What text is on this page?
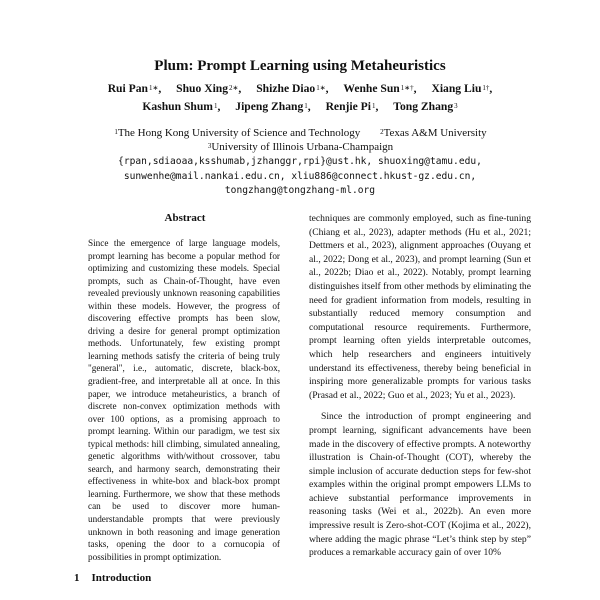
Plum: Prompt Learning using Metaheuristics
Rui Pan$^{1∗}$, Shuo Xing$^{2∗}$, Shizhe Diao$^{1∗}$, Wenhe Sun$^{1∗\dagger}$, Xiang Liu$^{1\dagger}$,
Kashun Shum$^1$, Jipeng Zhang$^1$, Renjie Pi$^1$, Tong Zhang$^3$
$^1$The Hong Kong University of Science and Technology	$^2$Texas A&M University
$^3$University of Illinois Urbana-Champaign
{rpan,sdiaoaa,ksshumab,jzhanggr,rpi}@ust.hk, shuoxing@tamu.edu,
sunwenhe@mail.nankai.edu.cn, xliu886@connect.hkust-gz.edu.cn,
tongzhang@tongzhang-ml.org
Abstract
Since the emergence of large language models, prompt learning has become a popular method for optimizing and customizing these models. Special prompts, such as Chain-of-Thought, have even revealed previously unknown reasoning capabilities within these models. However, the progress of discovering effective prompts has been slow, driving a desire for general prompt optimization methods. Unfortunately, few existing prompt learning methods satisfy the criteria of being truly "general", i.e., automatic, discrete, black-box, gradient-free, and interpretable all at once. In this paper, we introduce metaheuristics, a branch of discrete non-convex optimization methods with over 100 options, as a promising approach to prompt learning. Within our paradigm, we test six typical methods: hill climbing, simulated annealing, genetic algorithms with/without crossover, tabu search, and harmony search, demonstrating their effectiveness in white-box and black-box prompt learning. Furthermore, we show that these methods can be used to discover more human-understandable prompts that were previously unknown in both reasoning and image generation tasks, opening the door to a cornucopia of possibilities in prompt optimization.
1 Introduction

techniques are commonly employed, such as fine-tuning (Chiang et al., 2023), adapter methods (Hu et al., 2021; Dettmers et al., 2023), alignment approaches (Ouyang et al., 2022; Dong et al., 2023), and prompt learning (Sun et al., 2022b; Diao et al., 2022). Notably, prompt learning distinguishes itself from other methods by eliminating the need for gradient information from models, resulting in substantially reduced memory consumption and computational resource requirements. Furthermore, prompt learning often yields interpretable outcomes, which help researchers and engineers intuitively understand its effectiveness, thereby being beneficial in inspiring more generalizable prompts for various tasks (Prasad et al., 2022; Guo et al., 2023; Yu et al., 2023).

Since the introduction of prompt engineering and prompt learning, significant advancements have been made in the discovery of effective prompts. A noteworthy illustration is Chain-of-Thought (COT), whereby the simple inclusion of accurate deduction steps for few-shot examples within the original prompt empowers LLMs to achieve substantial performance improvements in reasoning tasks (Wei et al., 2022b). An even more impressive result is Zero-shot-COT (Kojima et al., 2022), where adding the magic phrase “Let’s think step by step” produces a remarkable accuracy gain of over 10%
